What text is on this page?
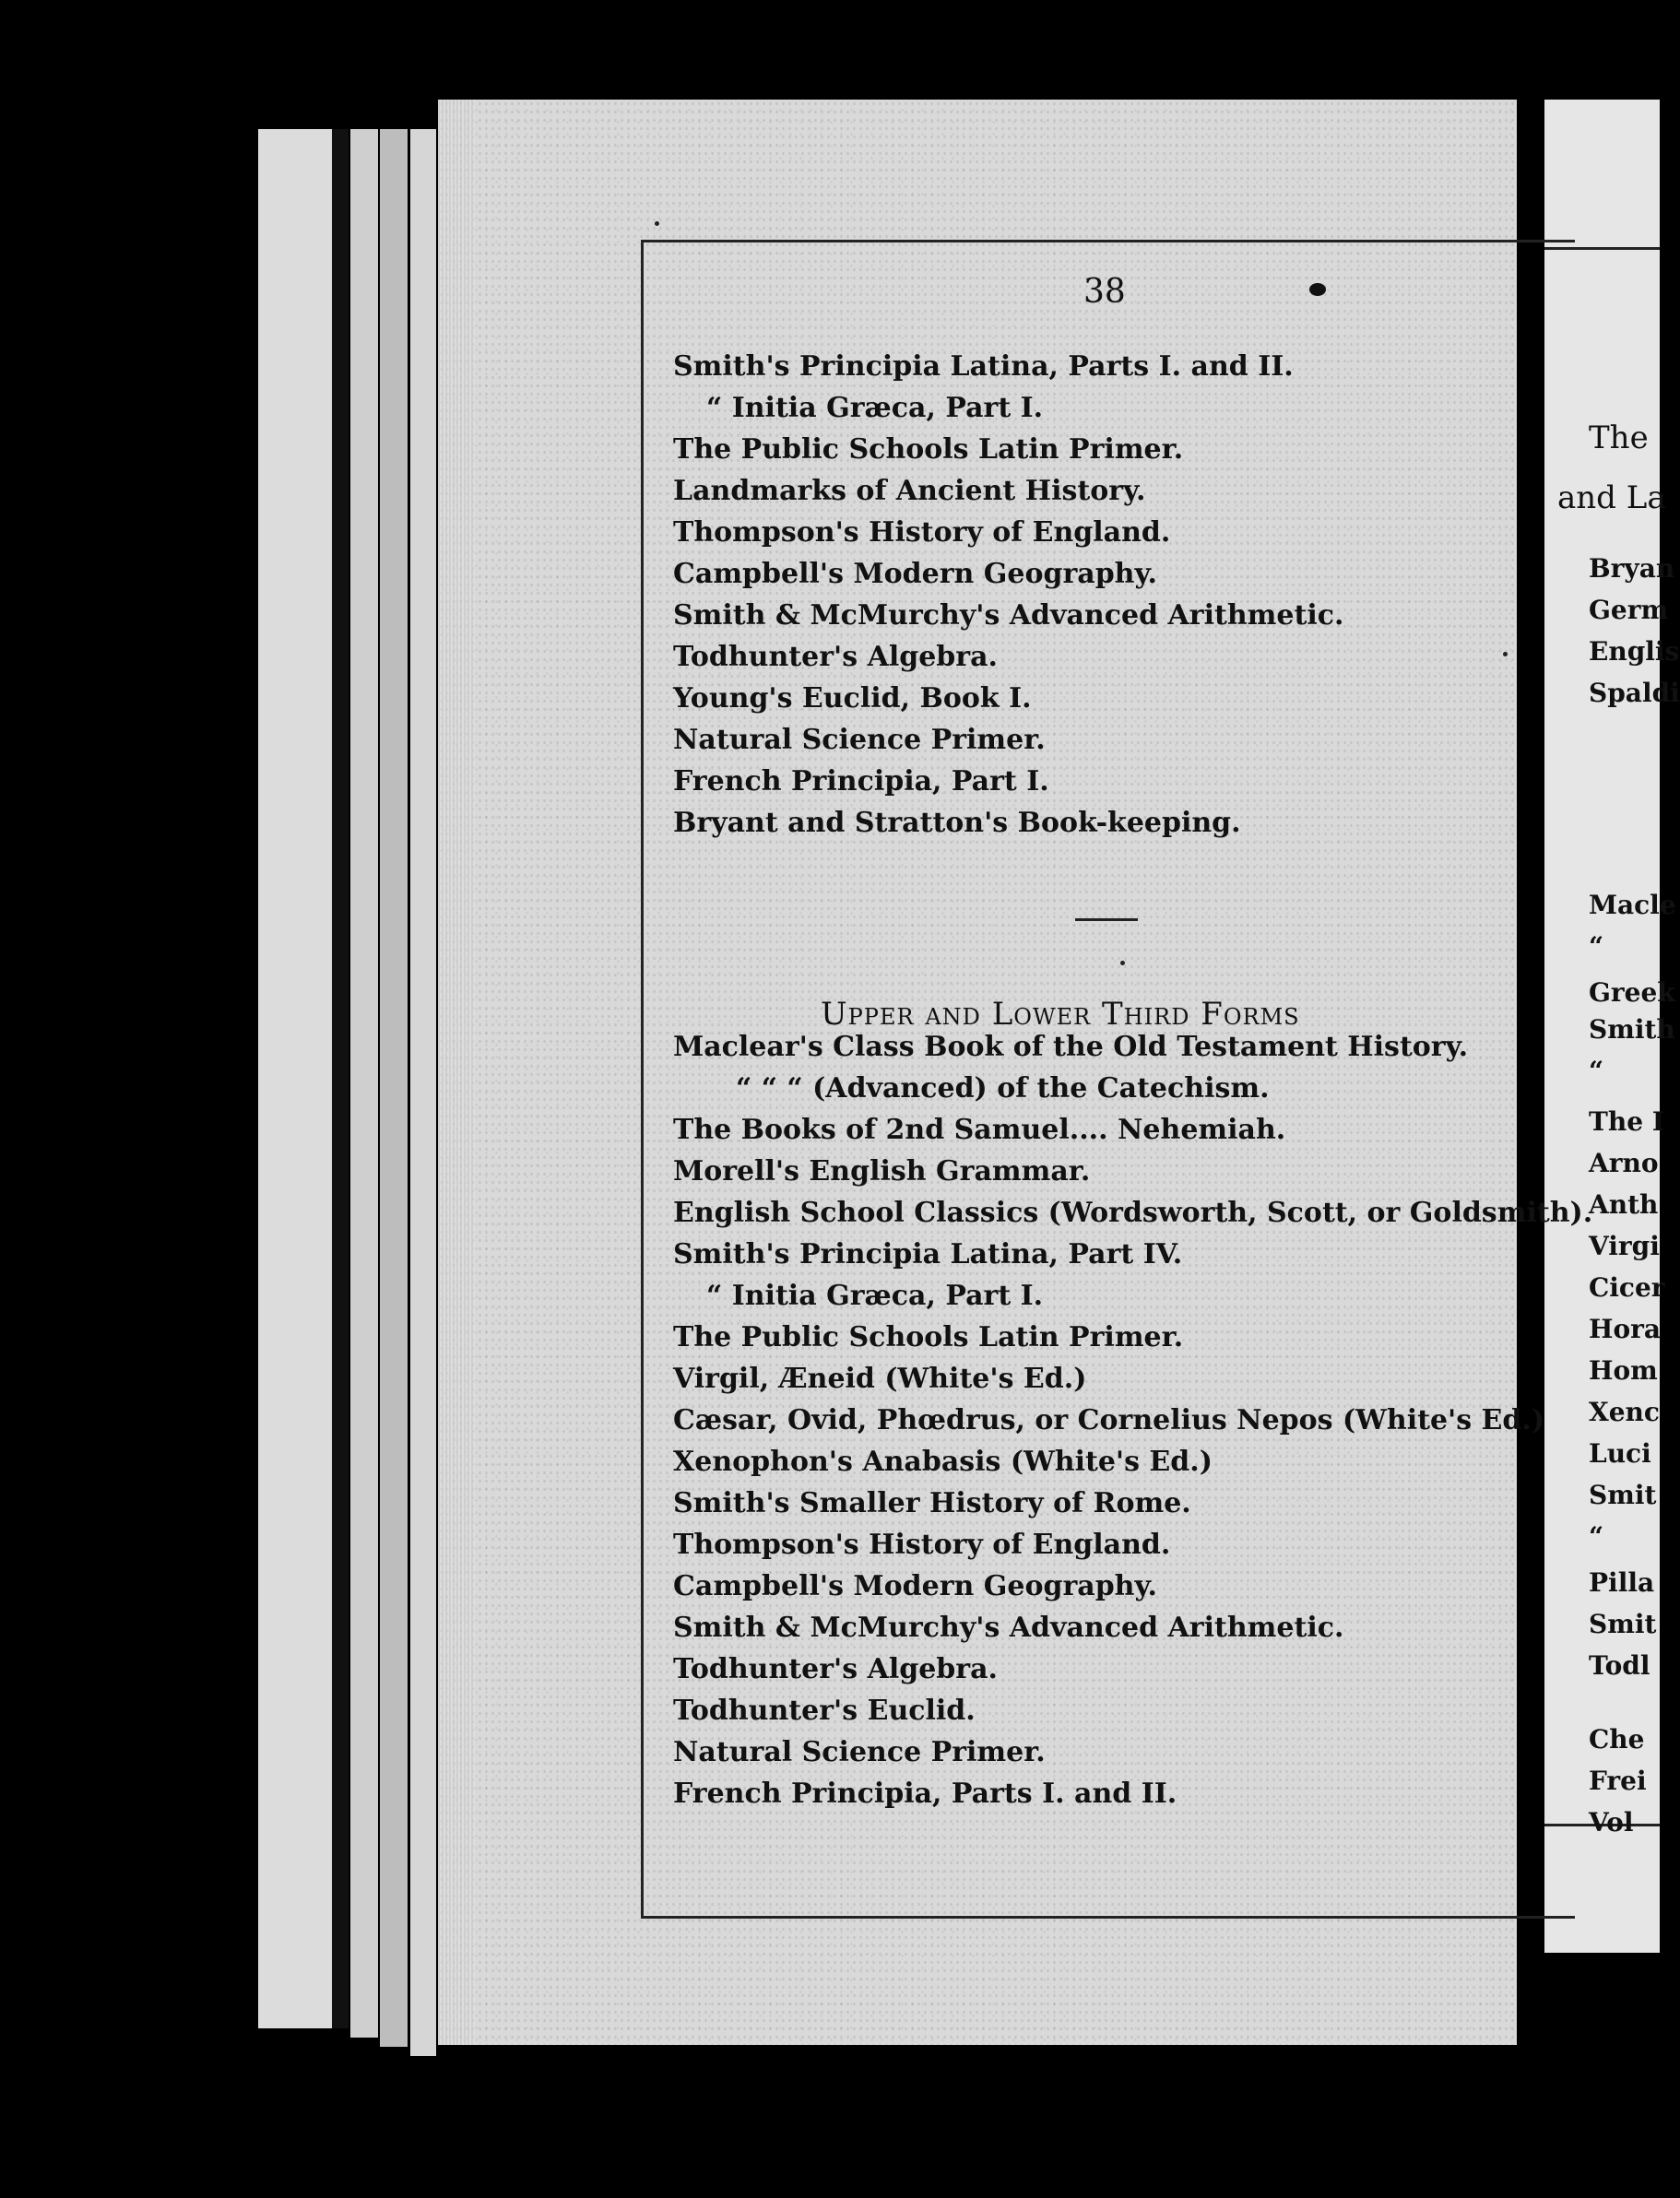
The
and La
Bryan
Germ
Englis
Spaldi
Macle
“
Greek
Smith
“
The I
Arno
Anth
Virgi
Cicer
Hora
Hom
Xenc
Luci
Smit
“
Pilla
Smit
Todl
Che
Frei
Vol
38
Smith's Principia Latina, Parts I. and II.
“ Initia Græca, Part I.
The Public Schools Latin Primer.
Landmarks of Ancient History.
Thompson's History of England.
Campbell's Modern Geography.
Smith & McMurchy's Advanced Arithmetic.
Todhunter's Algebra.
Young's Euclid, Book I.
Natural Science Primer.
French Principia, Part I.
Bryant and Stratton's Book-keeping.
Upper and Lower Third Forms
Maclear's Class Book of the Old Testament History.
“ “ “ (Advanced) of the Catechism.
The Books of 2nd Samuel.... Nehemiah.
Morell's English Grammar.
English School Classics (Wordsworth, Scott, or Goldsmith).
Smith's Principia Latina, Part IV.
“ Initia Græca, Part I.
The Public Schools Latin Primer.
Virgil, Æneid (White's Ed.)
Cæsar, Ovid, Phœdrus, or Cornelius Nepos (White's Ed.)
Xenophon's Anabasis (White's Ed.)
Smith's Smaller History of Rome.
Thompson's History of England.
Campbell's Modern Geography.
Smith & McMurchy's Advanced Arithmetic.
Todhunter's Algebra.
Todhunter's Euclid.
Natural Science Primer.
French Principia, Parts I. and II.
